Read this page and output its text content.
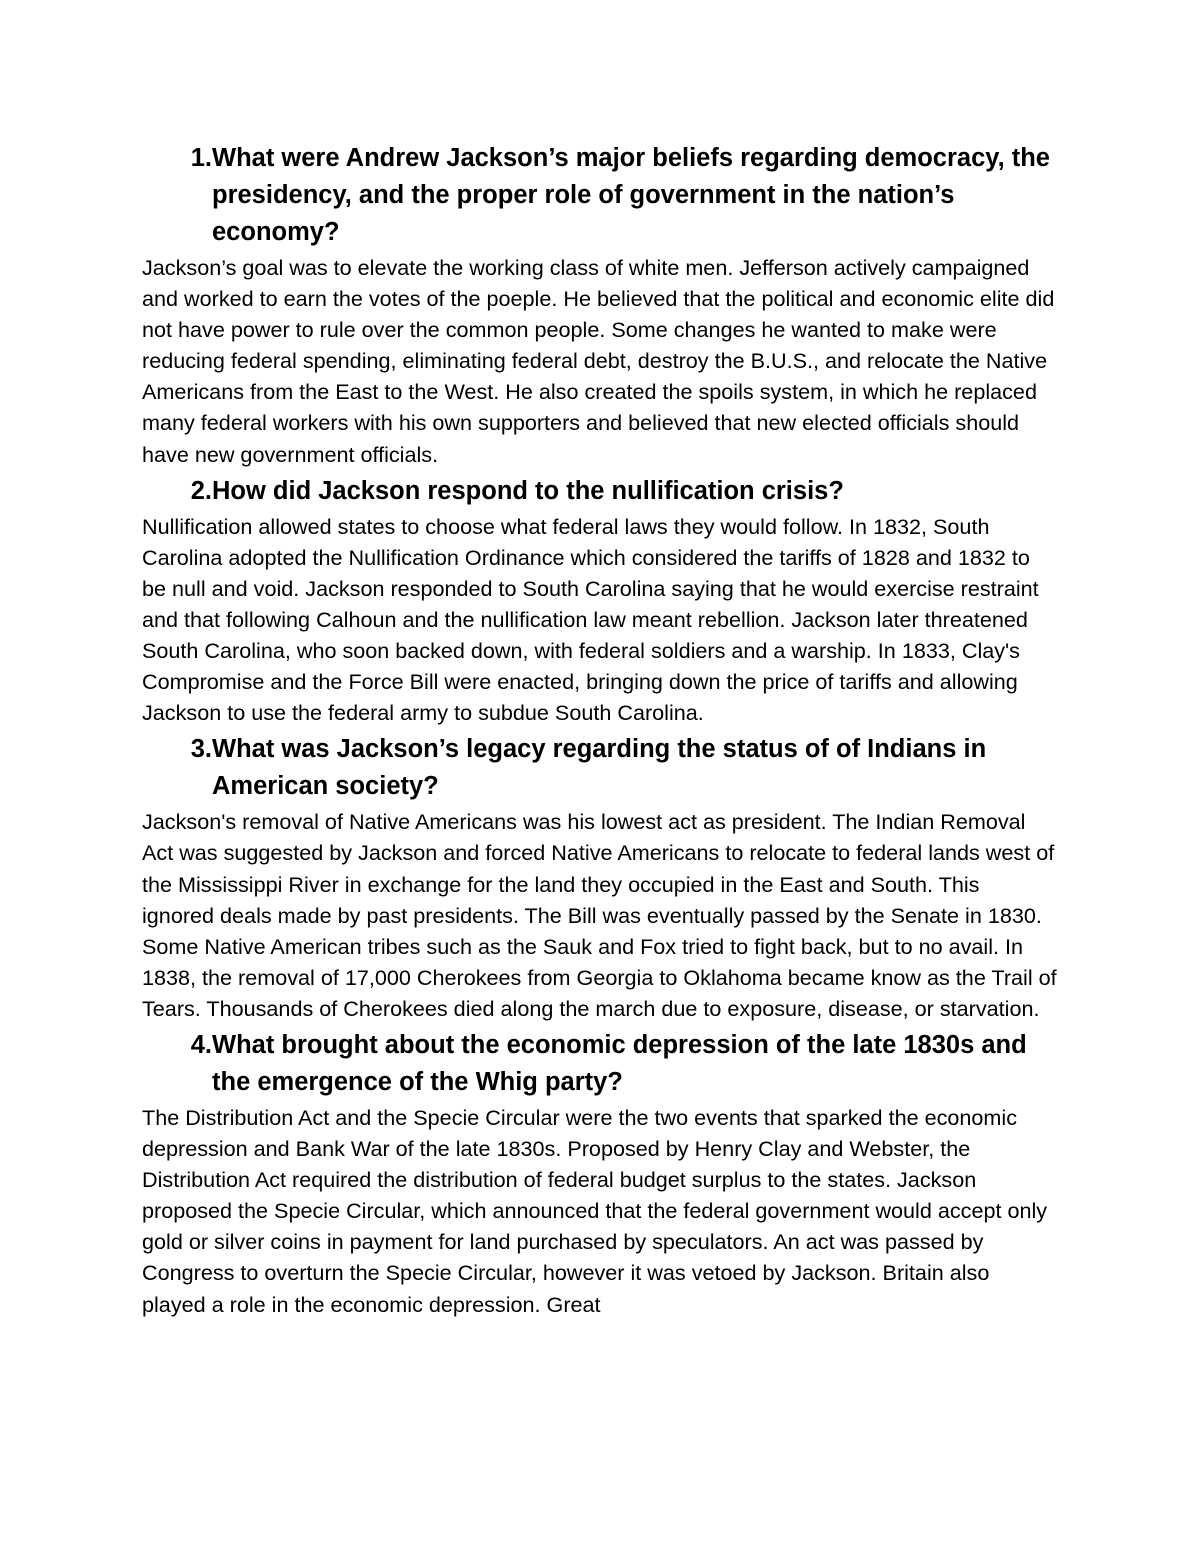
1. What were Andrew Jackson’s major beliefs regarding democracy, the presidency, and the proper role of government in the nation’s economy?

Jackson’s goal was to elevate the working class of white men. Jefferson actively campaigned and worked to earn the votes of the poeple. He believed that the political and economic elite did not have power to rule over the common people. Some changes he wanted to make were reducing federal spending, eliminating federal debt, destroy the B.U.S., and relocate the Native Americans from the East to the West. He also created the spoils system, in which he replaced many federal workers with his own supporters and believed that new elected officials should have new government officials.

2. How did Jackson respond to the nullification crisis?

Nullification allowed states to choose what federal laws they would follow. In 1832, South Carolina adopted the Nullification Ordinance which considered the tariffs of 1828 and 1832 to be null and void. Jackson responded to South Carolina saying that he would exercise restraint and that following Calhoun and the nullification law meant rebellion. Jackson later threatened South Carolina, who soon backed down, with federal soldiers and a warship. In 1833, Clay's Compromise and the Force Bill were enacted, bringing down the price of tariffs and allowing Jackson to use the federal army to subdue South Carolina.

3. What was Jackson’s legacy regarding the status of of Indians in American society?

Jackson's removal of Native Americans was his lowest act as president. The Indian Removal Act was suggested by Jackson and forced Native Americans to relocate to federal lands west of the Mississippi River in exchange for the land they occupied in the East and South. This ignored deals made by past presidents. The Bill was eventually passed by the Senate in 1830. Some Native American tribes such as the Sauk and Fox tried to fight back, but to no avail. In 1838, the removal of 17,000 Cherokees from Georgia to Oklahoma became know as the Trail of Tears. Thousands of Cherokees died along the march due to exposure, disease, or starvation.

4. What brought about the economic depression of the late 1830s and the emergence of the Whig party?

The Distribution Act and the Specie Circular were the two events that sparked the economic depression and Bank War of the late 1830s. Proposed by Henry Clay and Webster, the Distribution Act required the distribution of federal budget surplus to the states. Jackson proposed the Specie Circular, which announced that the federal government would accept only gold or silver coins in payment for land purchased by speculators. An act was passed by Congress to overturn the Specie Circular, however it was vetoed by Jackson. Britain also played a role in the economic depression. Great
